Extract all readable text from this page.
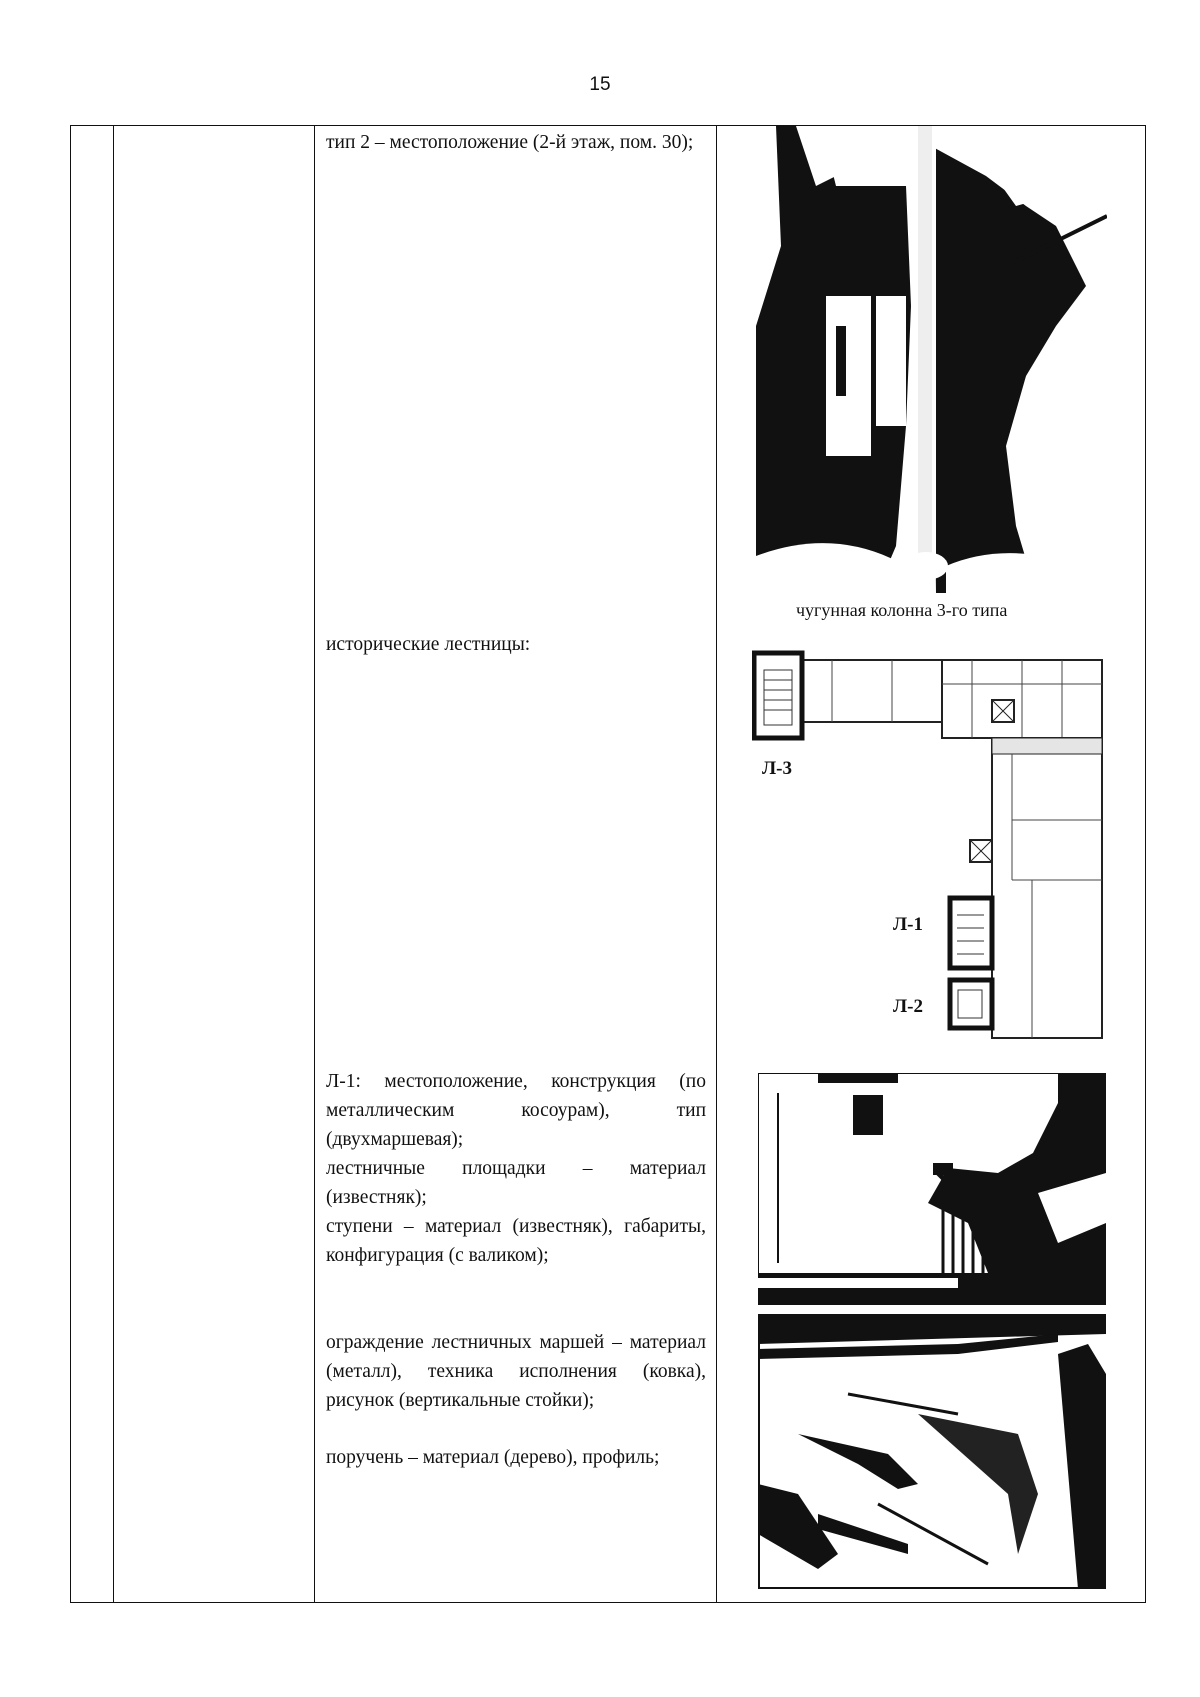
15
тип 2 – местоположение (2-й этаж, пом. 30);
исторические лестницы:
Л-1: местоположение, конструкция (по металлическим косоурам), тип (двухмаршевая);
лестничные площадки – материал (известняк);
ступени – материал (известняк), габариты, конфигурация (с валиком);
ограждение лестничных маршей – материал (металл), техника исполнения (ковка), рисунок (вертикальные стойки);
поручень – материал (дерево), профиль;
чугунная колонна 3-го типа
Л-3
Л-1
Л-2
